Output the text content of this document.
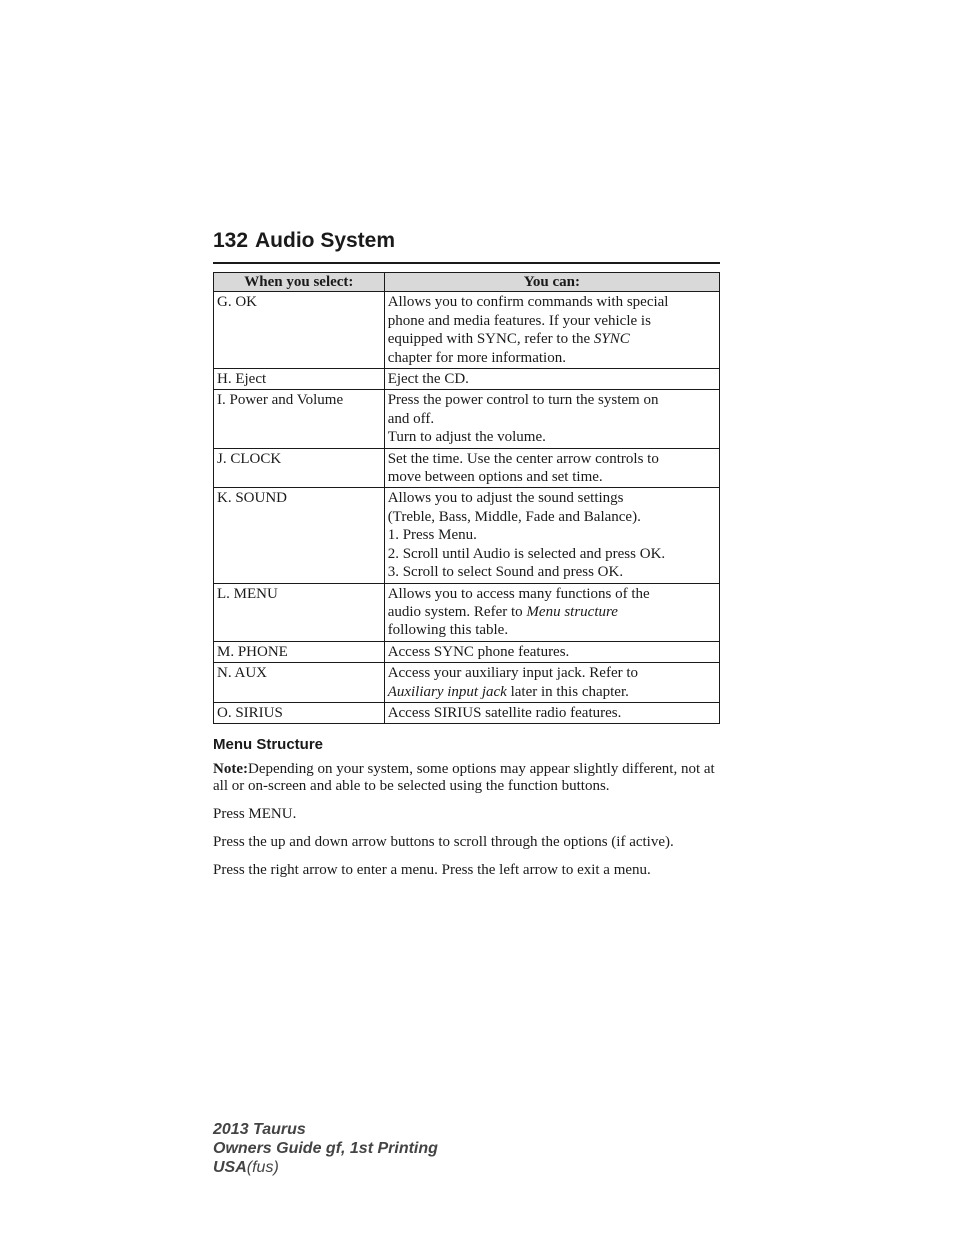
132 Audio System
When you select:	You can:
G. OK	Allows you to confirm commands with special
phone and media features. If your vehicle is
equipped with SYNC, refer to the SYNC
chapter for more information.

H. Eject	Eject the CD.

I. Power and Volume	Press the power control to turn the system on
and off.
Turn to adjust the volume.

J. CLOCK	Set the time. Use the center arrow controls to
move between options and set time.

K. SOUND	Allows you to adjust the sound settings
(Treble, Bass, Middle, Fade and Balance).
1. Press Menu.
2. Scroll until Audio is selected and press OK.
3. Scroll to select Sound and press OK.

L. MENU	Allows you to access many functions of the
audio system. Refer to Menu structure
following this table.

M. PHONE	Access SYNC phone features.

N. AUX	Access your auxiliary input jack. Refer to
Auxiliary input jack later in this chapter.

O. SIRIUS	Access SIRIUS satellite radio features.
Menu Structure

Note:Depending on your system, some options may appear slightly different, not at all or on-screen and able to be selected using the function buttons.

Press MENU.

Press the up and down arrow buttons to scroll through the options (if active).

Press the right arrow to enter a menu. Press the left arrow to exit a menu.

2013 Taurus
Owners Guide gf, 1st Printing
USA(fus)
